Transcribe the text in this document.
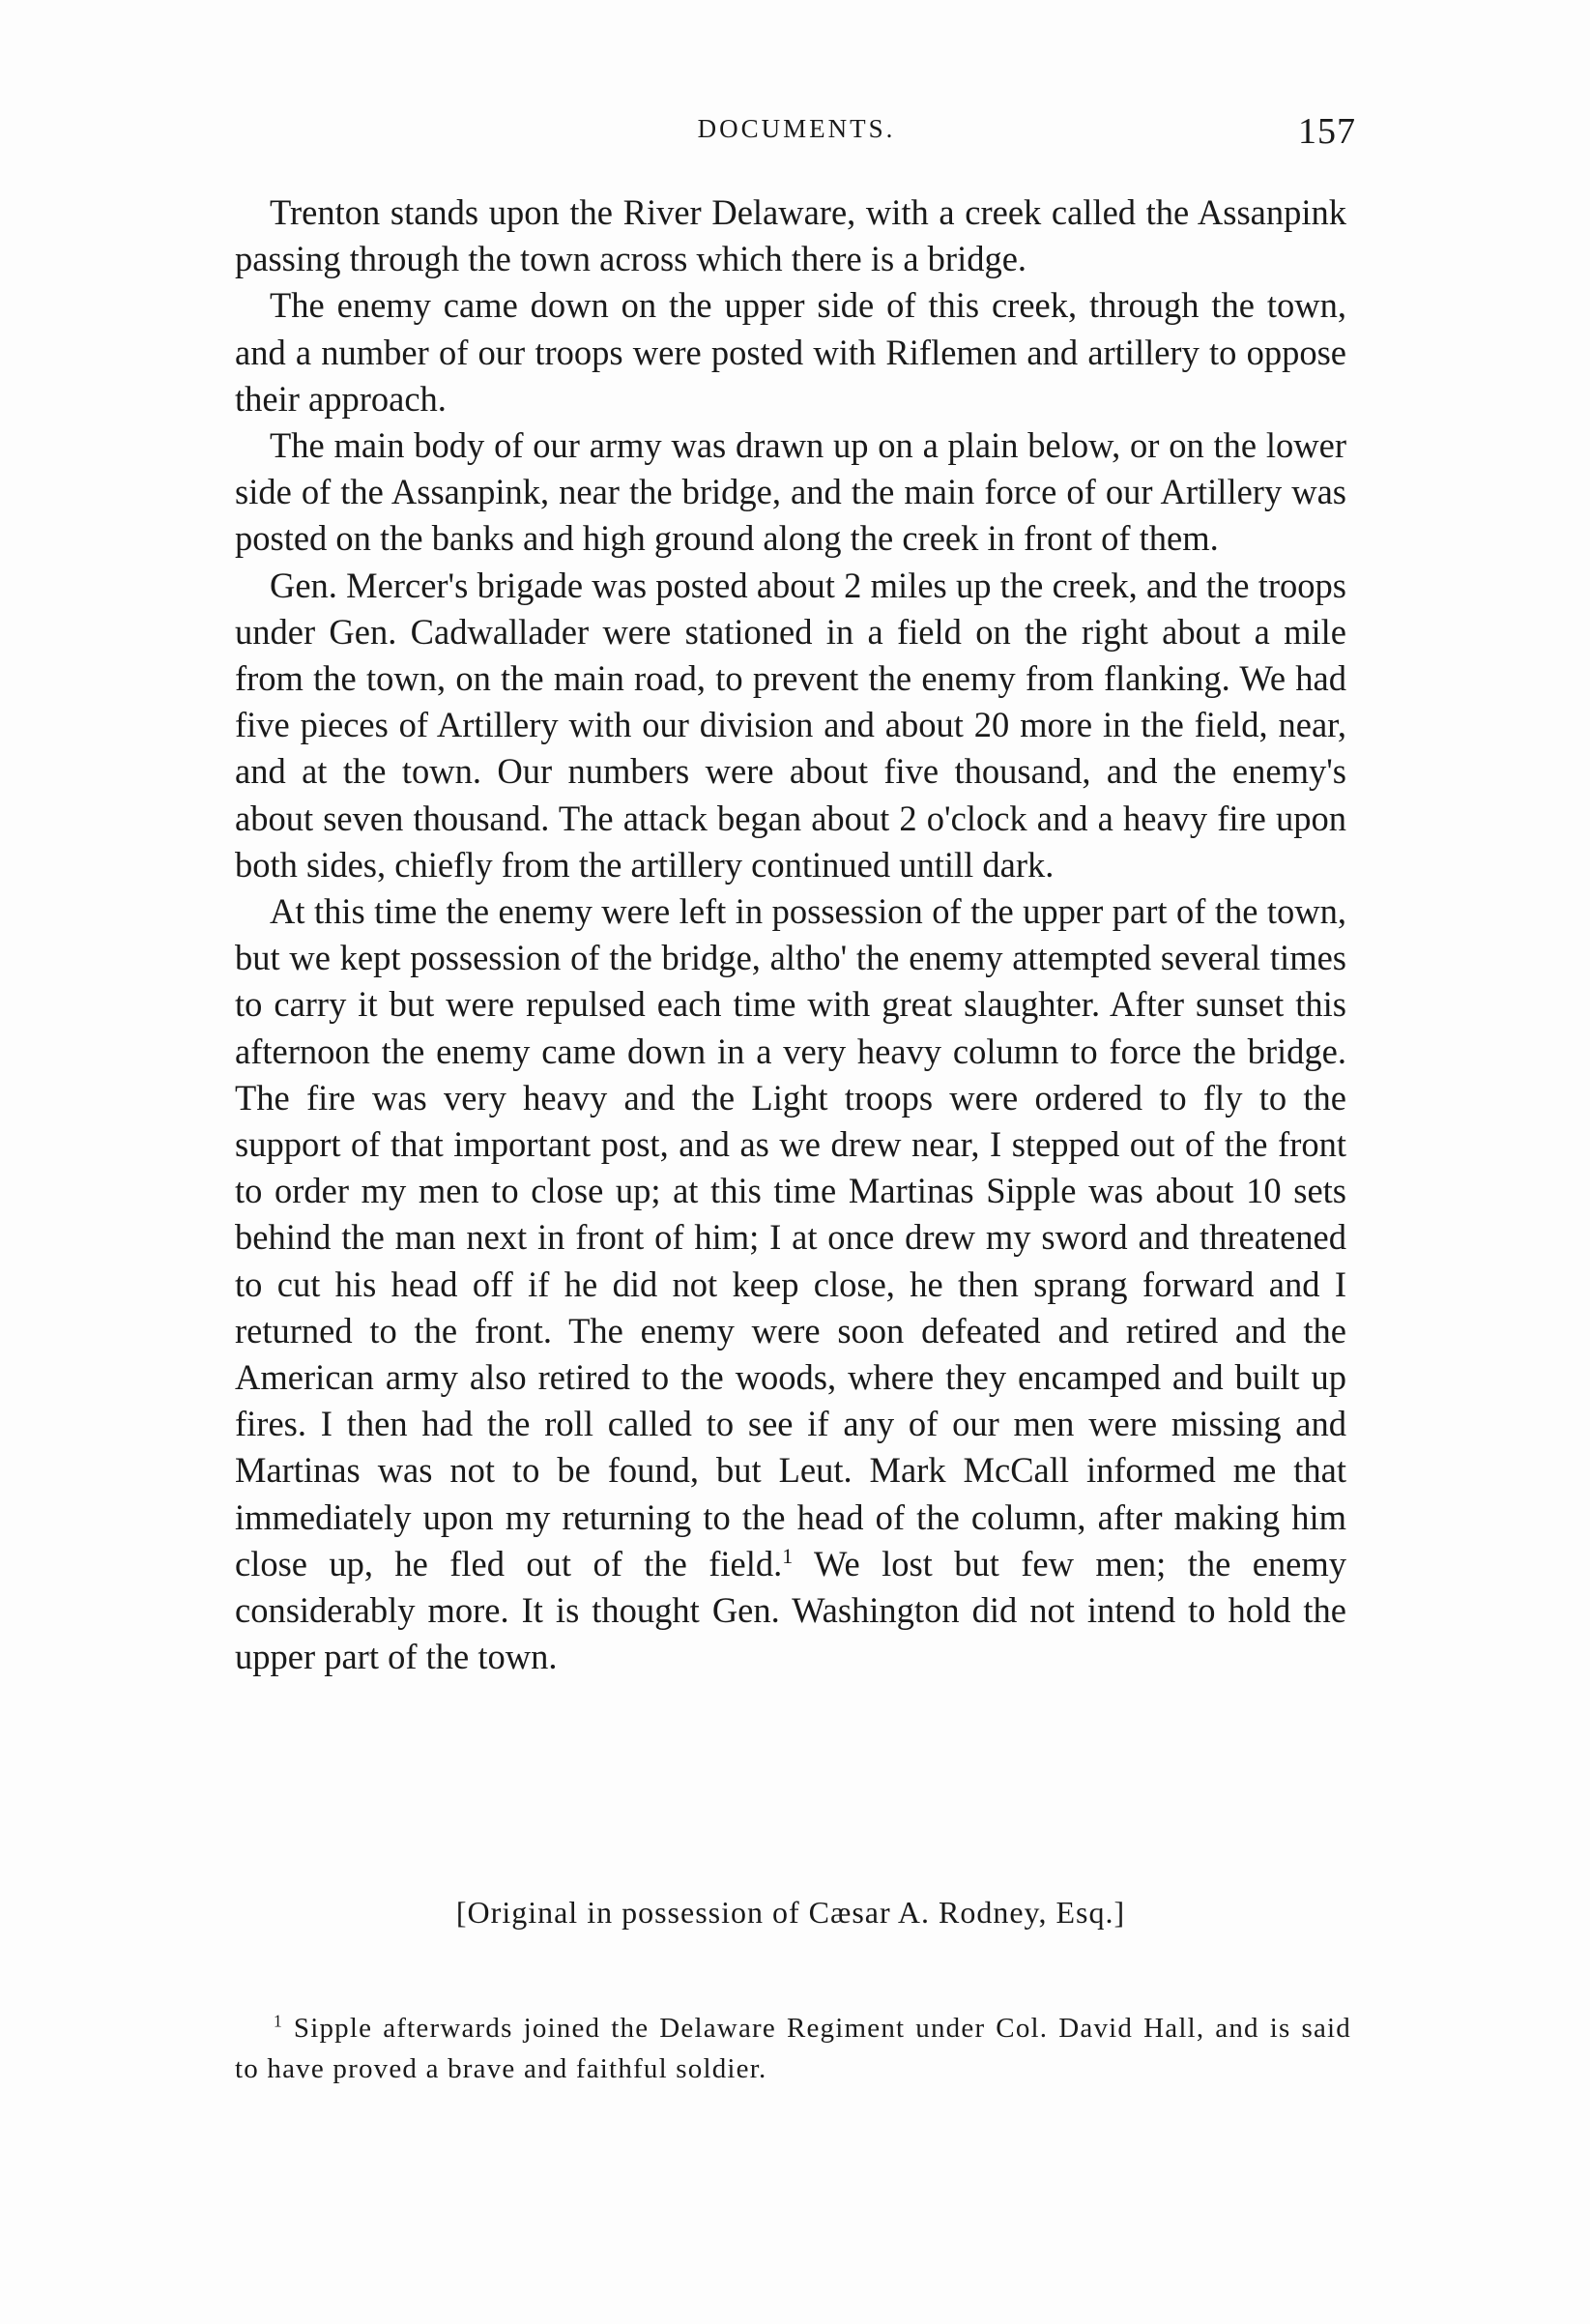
DOCUMENTS.	157

Trenton stands upon the River Delaware, with a creek called the Assanpink passing through the town across which there is a bridge.

The enemy came down on the upper side of this creek, through the town, and a number of our troops were posted with Riflemen and artillery to oppose their approach.

The main body of our army was drawn up on a plain below, or on the lower side of the Assanpink, near the bridge, and the main force of our Artillery was posted on the banks and high ground along the creek in front of them.

Gen. Mercer's brigade was posted about 2 miles up the creek, and the troops under Gen. Cadwallader were stationed in a field on the right about a mile from the town, on the main road, to prevent the enemy from flanking. We had five pieces of Artillery with our division and about 20 more in the field, near, and at the town. Our numbers were about five thousand, and the enemy's about seven thousand. The attack began about 2 o'clock and a heavy fire upon both sides, chiefly from the artillery continued untill dark.

At this time the enemy were left in possession of the upper part of the town, but we kept possession of the bridge, altho' the enemy attempted several times to carry it but were repulsed each time with great slaughter. After sunset this afternoon the enemy came down in a very heavy column to force the bridge. The fire was very heavy and the Light troops were ordered to fly to the support of that important post, and as we drew near, I stepped out of the front to order my men to close up; at this time Martinas Sipple was about 10 sets behind the man next in front of him; I at once drew my sword and threatened to cut his head off if he did not keep close, he then sprang forward and I returned to the front. The enemy were soon defeated and retired and the American army also retired to the woods, where they encamped and built up fires. I then had the roll called to see if any of our men were missing and Martinas was not to be found, but Leut. Mark McCall informed me that immediately upon my returning to the head of the column, after making him close up, he fled out of the field.$^1$ We lost but few men; the enemy considerably more. It is thought Gen. Washington did not intend to hold the upper part of the town.

[Original in possession of Cæsar A. Rodney, Esq.]

$^1$ Sipple afterwards joined the Delaware Regiment under Col. David Hall, and is said to have proved a brave and faithful soldier.
